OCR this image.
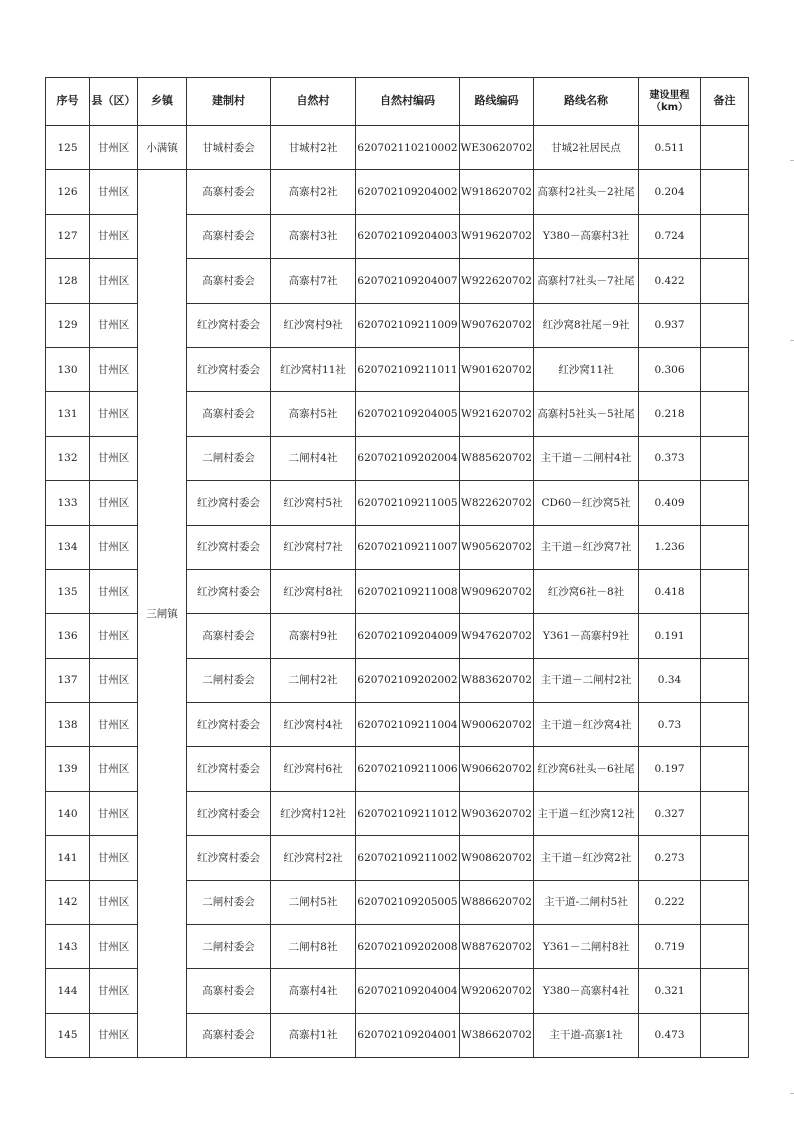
序号	县（区）	乡镇	建制村	自然村	自然村编码	路线编码	路线名称	建设里程（km）	备注
125	甘州区	小满镇	甘城村委会	甘城村2社	620702110210002	WE30620702	甘城2社居民点	0.511	
126	甘州区	三闸镇	高寨村委会	高寨村2社	620702109204002	W918620702	高寨村2社头－2社尾	0.204	
127	甘州区		高寨村委会	高寨村3社	620702109204003	W919620702	Y380－高寨村3社	0.724	
128	甘州区		高寨村委会	高寨村7社	620702109204007	W922620702	高寨村7社头－7社尾	0.422	
129	甘州区		红沙窝村委会	红沙窝村9社	620702109211009	W907620702	红沙窝8社尾－9社	0.937	
130	甘州区		红沙窝村委会	红沙窝村11社	620702109211011	W901620702	红沙窝11社	0.306	
131	甘州区		高寨村委会	高寨村5社	620702109204005	W921620702	高寨村5社头－5社尾	0.218	
132	甘州区		二闸村委会	二闸村4社	620702109202004	W885620702	主干道－二闸村4社	0.373	
133	甘州区		红沙窝村委会	红沙窝村5社	620702109211005	W822620702	CD60－红沙窝5社	0.409	
134	甘州区		红沙窝村委会	红沙窝村7社	620702109211007	W905620702	主干道－红沙窝7社	1.236	
135	甘州区		红沙窝村委会	红沙窝村8社	620702109211008	W909620702	红沙窝6社－8社	0.418	
136	甘州区		高寨村委会	高寨村9社	620702109204009	W947620702	Y361－高寨村9社	0.191	
137	甘州区		二闸村委会	二闸村2社	620702109202002	W883620702	主干道－二闸村2社	0.34	
138	甘州区		红沙窝村委会	红沙窝村4社	620702109211004	W900620702	主干道－红沙窝4社	0.73	
139	甘州区		红沙窝村委会	红沙窝村6社	620702109211006	W906620702	红沙窝6社头－6社尾	0.197	
140	甘州区		红沙窝村委会	红沙窝村12社	620702109211012	W903620702	主干道－红沙窝12社	0.327	
141	甘州区		红沙窝村委会	红沙窝村2社	620702109211002	W908620702	主干道－红沙窝2社	0.273	
142	甘州区		二闸村委会	二闸村5社	620702109205005	W886620702	主干道-二闸村5社	0.222	
143	甘州区		二闸村委会	二闸村8社	620702109202008	W887620702	Y361－二闸村8社	0.719	
144	甘州区		高寨村委会	高寨村4社	620702109204004	W920620702	Y380－高寨村4社	0.321	
145	甘州区		高寨村委会	高寨村1社	620702109204001	W386620702	主干道-高寨1社	0.473	
